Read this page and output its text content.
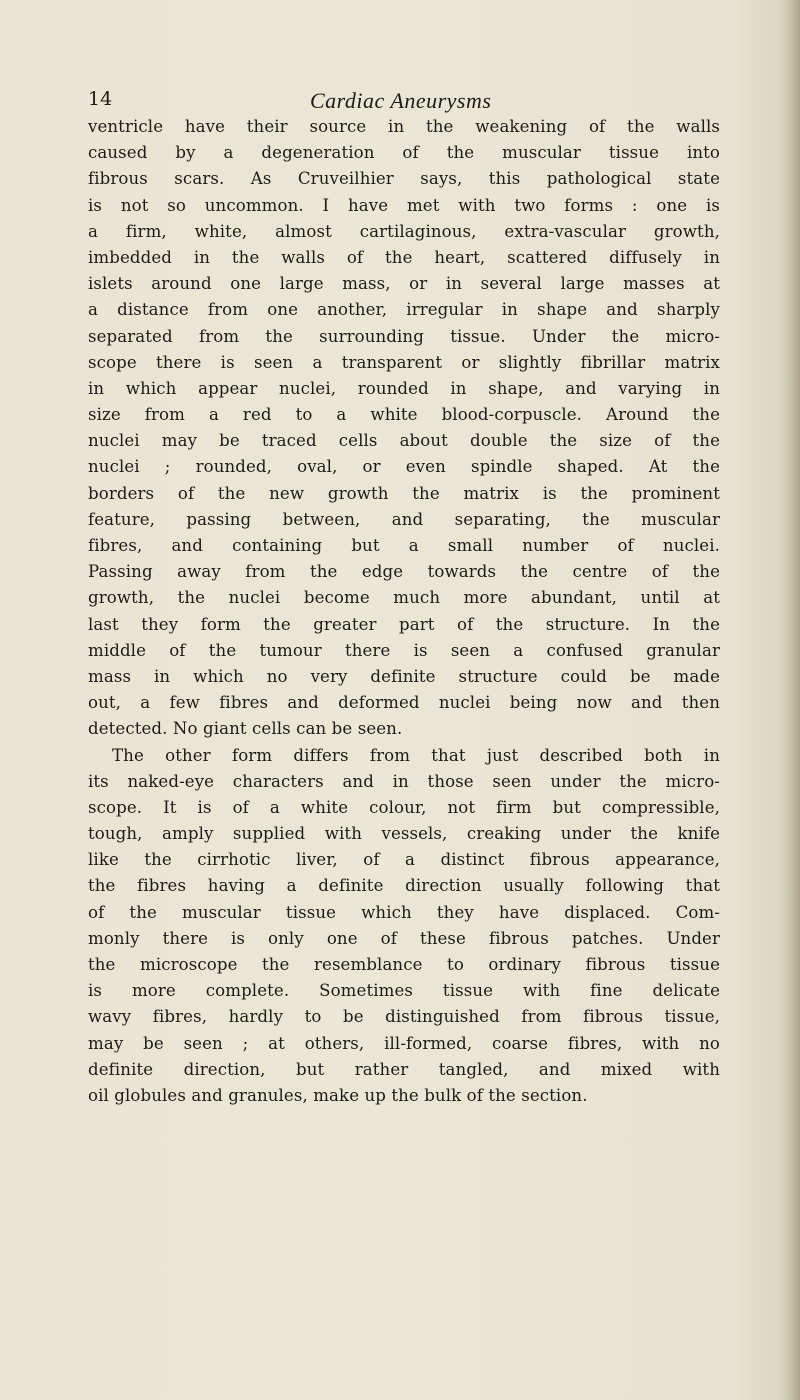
14	Cardiac Aneurysms
ventricle have their source in the weakening of the walls
caused by a degeneration of the muscular tissue into
fibrous scars. As Cruveilhier says, this pathological state
is not so uncommon. I have met with two forms : one is
a firm, white, almost cartilaginous, extra-vascular growth,
imbedded in the walls of the heart, scattered diffusely in
islets around one large mass, or in several large masses at
a distance from one another, irregular in shape and sharply
separated from the surrounding tissue. Under the micro-
scope there is seen a transparent or slightly fibrillar matrix
in which appear nuclei, rounded in shape, and varying in
size from a red to a white blood-corpuscle. Around the
nuclei may be traced cells about double the size of the
nuclei ; rounded, oval, or even spindle shaped. At the
borders of the new growth the matrix is the prominent
feature, passing between, and separating, the muscular
fibres, and containing but a small number of nuclei.
Passing away from the edge towards the centre of the
growth, the nuclei become much more abundant, until at
last they form the greater part of the structure. In the
middle of the tumour there is seen a confused granular
mass in which no very definite structure could be made
out, a few fibres and deformed nuclei being now and then
detected. No giant cells can be seen.
The other form differs from that just described both in
its naked-eye characters and in those seen under the micro-
scope. It is of a white colour, not firm but compressible,
tough, amply supplied with vessels, creaking under the knife
like the cirrhotic liver, of a distinct fibrous appearance,
the fibres having a definite direction usually following that
of the muscular tissue which they have displaced. Com-
monly there is only one of these fibrous patches. Under
the microscope the resemblance to ordinary fibrous tissue
is more complete. Sometimes tissue with fine delicate
wavy fibres, hardly to be distinguished from fibrous tissue,
may be seen ; at others, ill-formed, coarse fibres, with no
definite direction, but rather tangled, and mixed with
oil globules and granules, make up the bulk of the section.
